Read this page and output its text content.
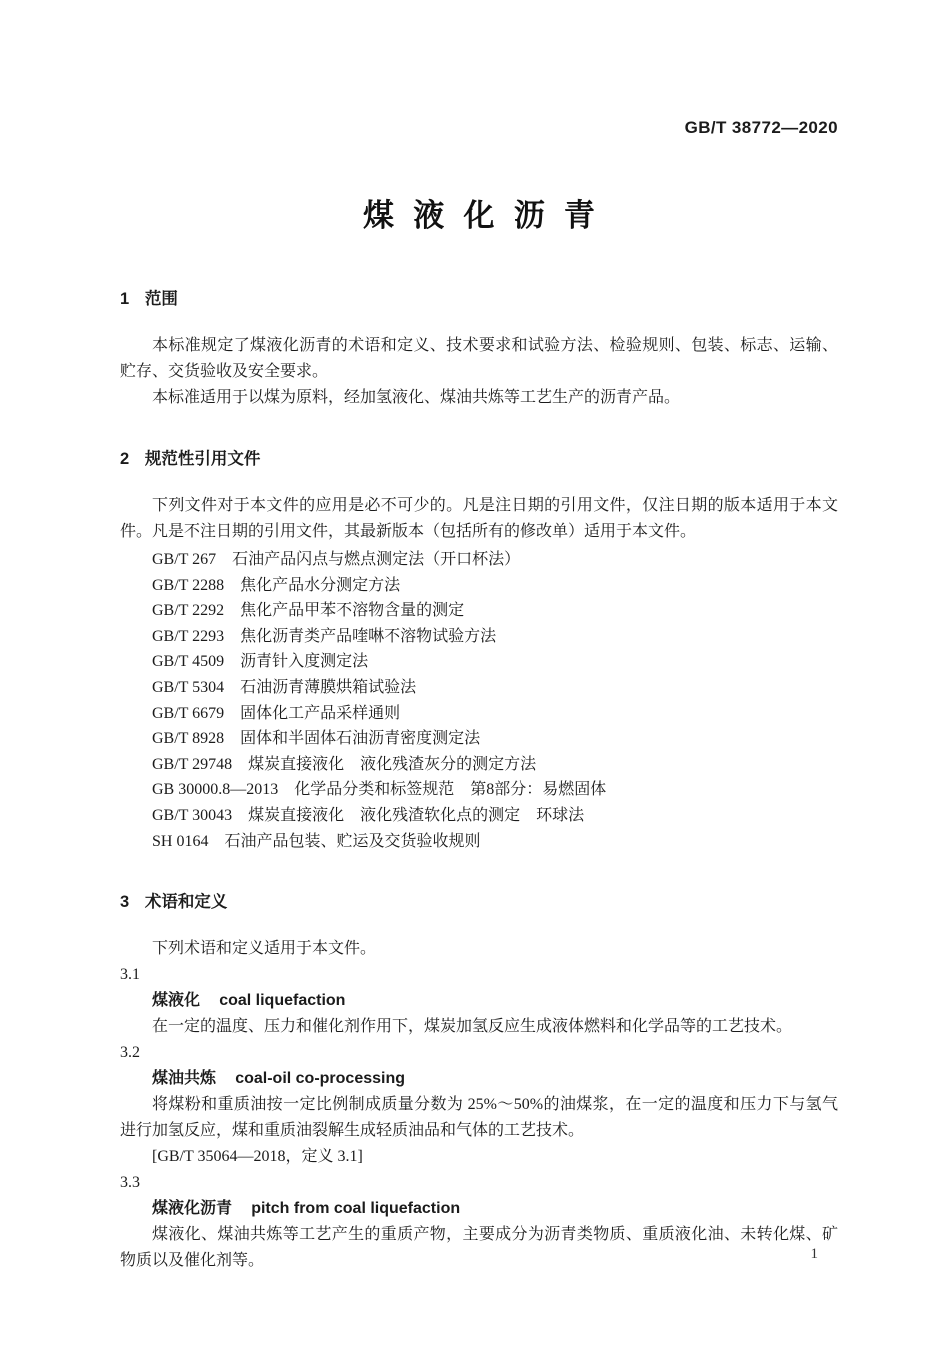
GB/T 38772—2020
煤液化沥青
1 范围

本标准规定了煤液化沥青的术语和定义、技术要求和试验方法、检验规则、包装、标志、运输、贮存、交货验收及安全要求。

本标准适用于以煤为原料，经加氢液化、煤油共炼等工艺生产的沥青产品。

2 规范性引用文件

下列文件对于本文件的应用是必不可少的。凡是注日期的引用文件，仅注日期的版本适用于本文件。凡是不注日期的引用文件，其最新版本（包括所有的修改单）适用于本文件。

GB/T 267　石油产品闪点与燃点测定法（开口杯法）
GB/T 2288　焦化产品水分测定方法
GB/T 2292　焦化产品甲苯不溶物含量的测定
GB/T 2293　焦化沥青类产品喹啉不溶物试验方法
GB/T 4509　沥青针入度测定法
GB/T 5304　石油沥青薄膜烘箱试验法
GB/T 6679　固体化工产品采样通则
GB/T 8928　固体和半固体石油沥青密度测定法
GB/T 29748　煤炭直接液化　液化残渣灰分的测定方法
GB 30000.8—2013　化学品分类和标签规范　第8部分：易燃固体
GB/T 30043　煤炭直接液化　液化残渣软化点的测定　环球法
SH 0164　石油产品包装、贮运及交货验收规则
3 术语和定义

下列术语和定义适用于本文件。

3.1
煤液化 coal liquefaction

在一定的温度、压力和催化剂作用下，煤炭加氢反应生成液体燃料和化学品等的工艺技术。

3.2
煤油共炼 coal-oil co-processing

将煤粉和重质油按一定比例制成质量分数为 25%～50%的油煤浆，在一定的温度和压力下与氢气进行加氢反应，煤和重质油裂解生成轻质油品和气体的工艺技术。

[GB/T 35064—2018，定义 3.1]
3.3
煤液化沥青 pitch from coal liquefaction

煤液化、煤油共炼等工艺产生的重质产物，主要成分为沥青类物质、重质液化油、未转化煤、矿物质以及催化剂等。	1
